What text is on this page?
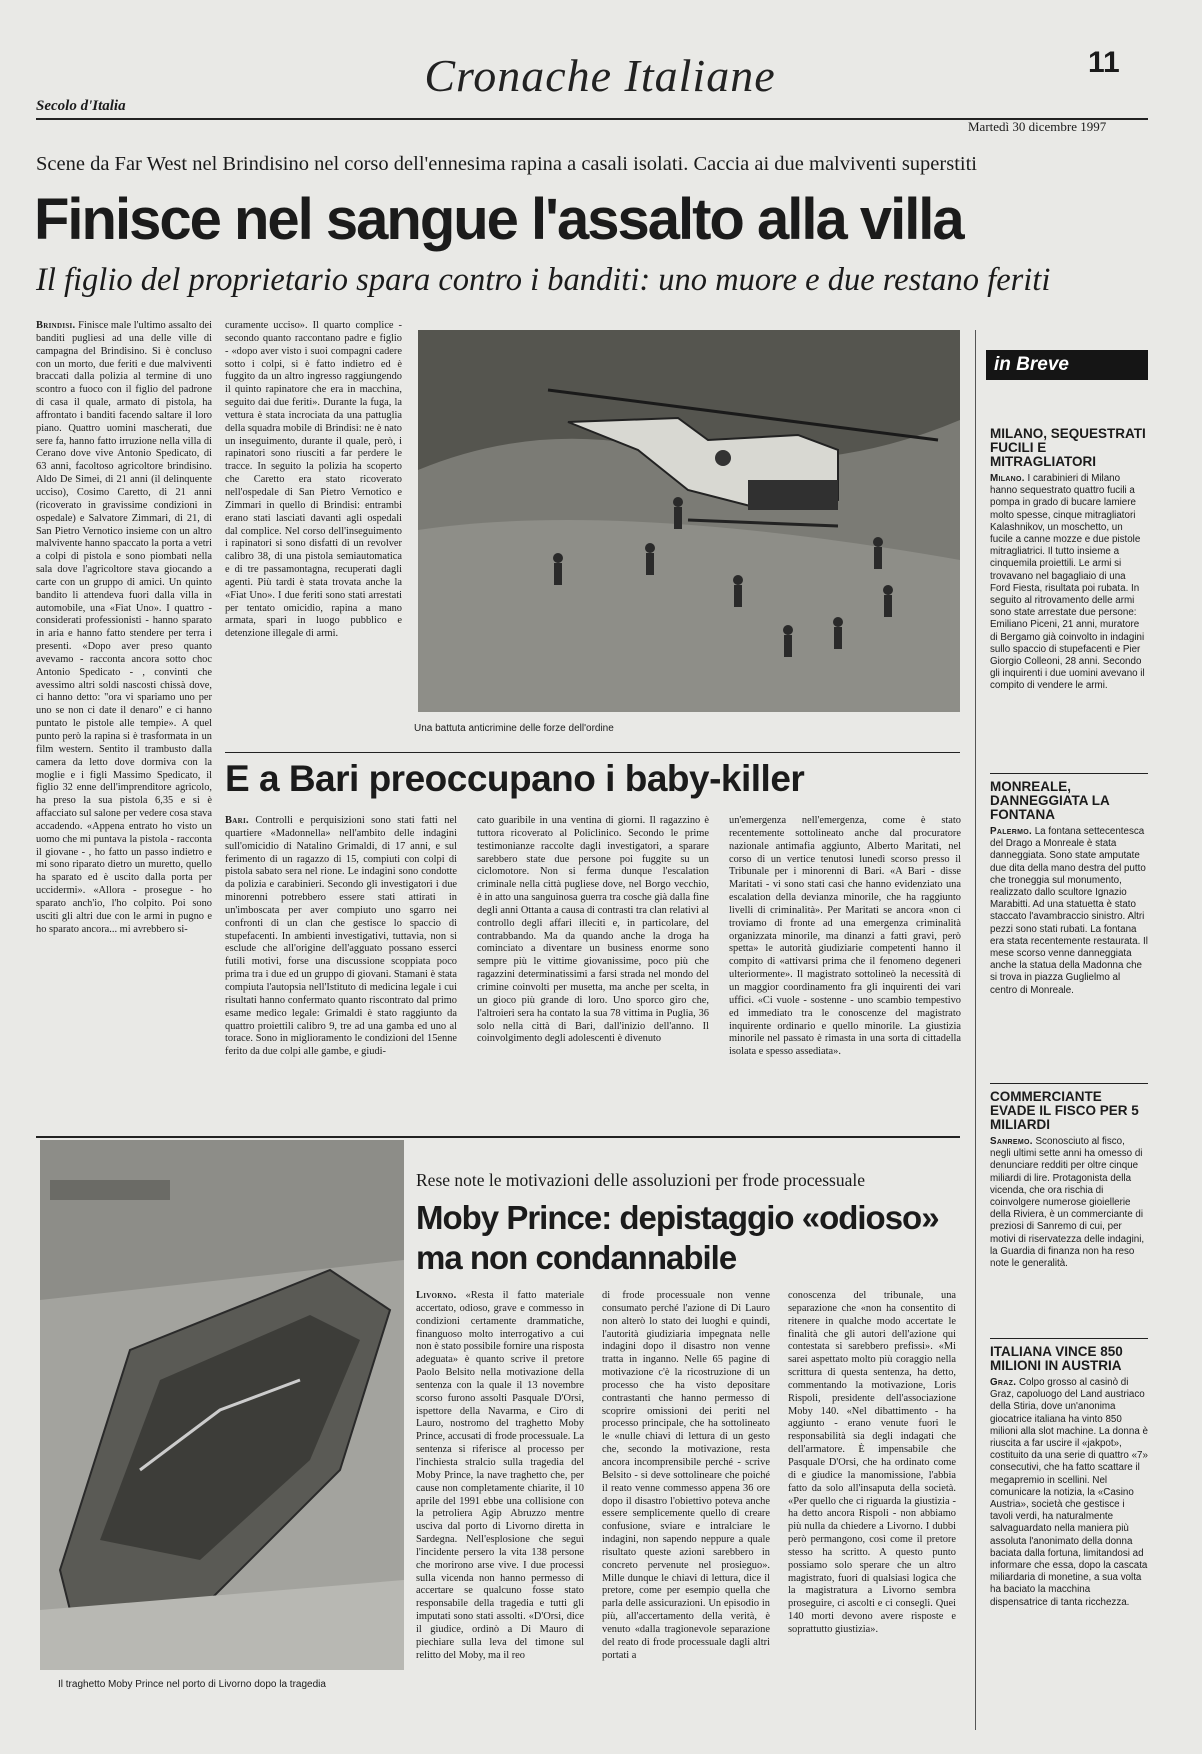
Cronache Italiane
Secolo d'Italia
11
Martedì 30 dicembre 1997
Scene da Far West nel Brindisino nel corso dell'ennesima rapina a casali isolati. Caccia ai due malviventi superstiti
Finisce nel sangue l'assalto alla villa
Il figlio del proprietario spara contro i banditi: uno muore e due restano feriti

Brindisi. Finisce male l'ultimo assalto dei banditi pugliesi ad una delle ville di campagna del Brindisino. Si è concluso con un morto, due feriti e due malviventi braccati dalla polizia al termine di uno scontro a fuoco con il figlio del padrone di casa il quale, armato di pistola, ha affrontato i banditi facendo saltare il loro piano. Quattro uomini mascherati, due sere fa, hanno fatto irruzione nella villa di Cerano dove vive Antonio Spedicato, di 63 anni, facoltoso agricoltore brindisino. Aldo De Simei, di 21 anni (il delinquente ucciso), Cosimo Caretto, di 21 anni (ricoverato in gravissime condizioni in ospedale) e Salvatore Zimmari, di 21, di San Pietro Vernotico insieme con un altro malvivente hanno spaccato la porta a vetri a colpi di pistola e sono piombati nella sala dove l'agricoltore stava giocando a carte con un gruppo di amici. Un quinto bandito li attendeva fuori dalla villa in automobile, una «Fiat Uno». I quattro - considerati professionisti - hanno sparato in aria e hanno fatto stendere per terra i presenti. «Dopo aver preso quanto avevamo - racconta ancora sotto choc Antonio Spedicato - , convinti che avessimo altri soldi nascosti chissà dove, ci hanno detto: "ora vi spariamo uno per uno se non ci date il denaro" e ci hanno puntato le pistole alle tempie». A quel punto però la rapina si è trasformata in un film western. Sentito il trambusto dalla camera da letto dove dormiva con la moglie e i figli Massimo Spedicato, il figlio 32 enne dell'imprenditore agricolo, ha preso la sua pistola 6,35 e si è affacciato sul salone per vedere cosa stava accadendo. «Appena entrato ho visto un uomo che mi puntava la pistola - racconta il giovane - , ho fatto un passo indietro e mi sono riparato dietro un muretto, quello ha sparato ed è uscito dalla porta per uccidermi». «Allora - prosegue - ho sparato anch'io, l'ho colpito. Poi sono usciti gli altri due con le armi in pugno e ho sparato ancora... mi avrebbero si-

curamente ucciso». Il quarto complice - secondo quanto raccontano padre e figlio - «dopo aver visto i suoi compagni cadere sotto i colpi, si è fatto indietro ed è fuggito da un altro ingresso raggiungendo il quinto rapinatore che era in macchina, seguito dai due feriti». Durante la fuga, la vettura è stata incrociata da una pattuglia della squadra mobile di Brindisi: ne è nato un inseguimento, durante il quale, però, i rapinatori sono riusciti a far perdere le tracce. In seguito la polizia ha scoperto che Caretto era stato ricoverato nell'ospedale di San Pietro Vernotico e Zimmari in quello di Brindisi: entrambi erano stati lasciati davanti agli ospedali dal complice. Nel corso dell'inseguimento i rapinatori si sono disfatti di un revolver calibro 38, di una pistola semiautomatica e di tre passamontagna, recuperati dagli agenti. Più tardi è stata trovata anche la «Fiat Uno». I due feriti sono stati arrestati per tentato omicidio, rapina a mano armata, spari in luogo pubblico e detenzione illegale di armi.

Una battuta anticrimine delle forze dell'ordine
E a Bari preoccupano i baby-killer

Bari. Controlli e perquisizioni sono stati fatti nel quartiere «Madonnella» nell'ambito delle indagini sull'omicidio di Natalino Grimaldi, di 17 anni, e sul ferimento di un ragazzo di 15, compiuti con colpi di pistola sabato sera nel rione. Le indagini sono condotte da polizia e carabinieri. Secondo gli investigatori i due minorenni potrebbero essere stati attirati in un'imboscata per aver compiuto uno sgarro nei confronti di un clan che gestisce lo spaccio di stupefacenti. In ambienti investigativi, tuttavia, non si esclude che all'origine dell'agguato possano esserci futili motivi, forse una discussione scoppiata poco prima tra i due ed un gruppo di giovani. Stamani è stata compiuta l'autopsia nell'Istituto di medicina legale i cui risultati hanno confermato quanto riscontrato dal primo esame medico legale: Grimaldi è stato raggiunto da quattro proiettili calibro 9, tre ad una gamba ed uno al torace. Sono in miglioramento le condizioni del 15enne ferito da due colpi alle gambe, e giudi-

cato guaribile in una ventina di giorni. Il ragazzino è tuttora ricoverato al Policlinico. Secondo le prime testimonianze raccolte dagli investigatori, a sparare sarebbero state due persone poi fuggite su un ciclomotore. Non si ferma dunque l'escalation criminale nella città pugliese dove, nel Borgo vecchio, è in atto una sanguinosa guerra tra cosche già dalla fine degli anni Ottanta a causa di contrasti tra clan relativi al controllo degli affari illeciti e, in particolare, del contrabbando. Ma da quando anche la droga ha cominciato a diventare un business enorme sono sempre più le vittime giovanissime, poco più che ragazzini determinatissimi a farsi strada nel mondo del crimine coinvolti per musetta, ma anche per scelta, in un gioco più grande di loro. Uno sporco giro che, l'altroieri sera ha contato la sua 78 vittima in Puglia, 36 solo nella città di Bari, dall'inizio dell'anno. Il coinvolgimento degli adolescenti è divenuto

un'emergenza nell'emergenza, come è stato recentemente sottolineato anche dal procuratore nazionale antimafia aggiunto, Alberto Maritati, nel corso di un vertice tenutosi lunedì scorso presso il Tribunale per i minorenni di Bari. «A Bari - disse Maritati - vi sono stati casi che hanno evidenziato una escalation della devianza minorile, che ha raggiunto livelli di criminalità». Per Maritati se ancora «non ci troviamo di fronte ad una emergenza criminalità organizzata minorile, ma dinanzi a fatti gravi, però spetta» le autorità giudiziarie competenti hanno il compito di «attivarsi prima che il fenomeno degeneri ulteriormente». Il magistrato sottolineò la necessità di un maggior coordinamento fra gli inquirenti dei vari uffici. «Ci vuole - sostenne - uno scambio tempestivo ed immediato tra le conoscenze del magistrato inquirente ordinario e quello minorile. La giustizia minorile nel passato è rimasta in una sorta di cittadella isolata e spesso assediata».

Il traghetto Moby Prince nel porto di Livorno dopo la tragedia
Rese note le motivazioni delle assoluzioni per frode processuale
Moby Prince: depistaggio «odioso» ma non condannabile

Livorno. «Resta il fatto materiale accertato, odioso, grave e commesso in condizioni certamente drammatiche, finanguoso molto interrogativo a cui non è stato possibile fornire una risposta adeguata» è quanto scrive il pretore Paolo Belsito nella motivazione della sentenza con la quale il 13 novembre scorso furono assolti Pasquale D'Orsi, ispettore della Navarma, e Ciro di Lauro, nostromo del traghetto Moby Prince, accusati di frode processuale. La sentenza si riferisce al processo per l'inchiesta stralcio sulla tragedia del Moby Prince, la nave traghetto che, per cause non completamente chiarite, il 10 aprile del 1991 ebbe una collisione con la petroliera Agip Abruzzo mentre usciva dal porto di Livorno diretta in Sardegna. Nell'esplosione che seguì l'incidente persero la vita 138 persone che morirono arse vive. I due processi sulla vicenda non hanno permesso di accertare se qualcuno fosse stato responsabile della tragedia e tutti gli imputati sono stati assolti. «D'Orsi, dice il giudice, ordinò a Di Mauro di piechiare sulla leva del timone sul relitto del Moby, ma il reo

di frode processuale non venne consumato perché l'azione di Di Lauro non alterò lo stato dei luoghi e quindi, l'autorità giudiziaria impegnata nelle indagini dopo il disastro non venne tratta in inganno. Nelle 65 pagine di motivazione c'è la ricostruzione di un processo che ha visto depositare contrastanti che hanno permesso di scoprire omissioni dei periti nel processo principale, che ha sottolineato le «nulle chiavi di lettura di un gesto che, secondo la motivazione, resta ancora incomprensibile perché - scrive Belsito - si deve sottolineare che poiché il reato venne commesso appena 36 ore dopo il disastro l'obiettivo poteva anche essere semplicemente quello di creare confusione, sviare e intralciare le indagini, non sapendo neppure a quale risultato queste azioni sarebbero in concreto pervenute nel prosieguo». Mille dunque le chiavi di lettura, dice il pretore, come per esempio quella che parla delle assicurazioni. Un episodio in più, all'accertamento della verità, è venuto «dalla tragionevole separazione del reato di frode processuale dagli altri portati a

conoscenza del tribunale, una separazione che «non ha consentito di ritenere in qualche modo accertate le finalità che gli autori dell'azione qui contestata si sarebbero prefissi». «Mi sarei aspettato molto più coraggio nella scrittura di questa sentenza, ha detto, commentando la motivazione, Loris Rispoli, presidente dell'associazione Moby 140. «Nel dibattimento - ha aggiunto - erano venute fuori le responsabilità sia degli indagati che dell'armatore. È impensabile che Pasquale D'Orsi, che ha ordinato come di e giudice la manomissione, l'abbia fatto da solo all'insaputa della società. «Per quello che ci riguarda la giustizia - ha detto ancora Rispoli - non abbiamo più nulla da chiedere a Livorno. I dubbi però permangono, così come il pretore stesso ha scritto. A questo punto possiamo solo sperare che un altro magistrato, fuori di qualsiasi logica che la magistratura a Livorno sembra proseguire, ci ascolti e ci consegli. Quei 140 morti devono avere risposte e soprattutto giustizia».

in Breve

MILANO, SEQUESTRATI FUCILI E MITRAGLIATORI

Milano. I carabinieri di Milano hanno sequestrato quattro fucili a pompa in grado di bucare lamiere molto spesse, cinque mitragliatori Kalashnikov, un moschetto, un fucile a canne mozze e due pistole mitragliatrici. Il tutto insieme a cinquemila proiettili. Le armi si trovavano nel bagagliaio di una Ford Fiesta, risultata poi rubata. In seguito al ritrovamento delle armi sono state arrestate due persone: Emiliano Piceni, 21 anni, muratore di Bergamo già coinvolto in indagini sullo spaccio di stupefacenti e Pier Giorgio Colleoni, 28 anni. Secondo gli inquirenti i due uomini avevano il compito di vendere le armi.

MONREALE, DANNEGGIATA LA FONTANA

Palermo. La fontana settecentesca del Drago a Monreale è stata danneggiata. Sono state amputate due dita della mano destra del putto che troneggia sul monumento, realizzato dallo scultore Ignazio Marabitti. Ad una statuetta è stato staccato l'avambraccio sinistro. Altri pezzi sono stati rubati. La fontana era stata recentemente restaurata. Il mese scorso venne danneggiata anche la statua della Madonna che si trova in piazza Guglielmo al centro di Monreale.

COMMERCIANTE EVADE IL FISCO PER 5 MILIARDI

Sanremo. Sconosciuto al fisco, negli ultimi sette anni ha omesso di denunciare redditi per oltre cinque miliardi di lire. Protagonista della vicenda, che ora rischia di coinvolgere numerose gioiellerie della Riviera, è un commerciante di preziosi di Sanremo di cui, per motivi di riservatezza delle indagini, la Guardia di finanza non ha reso note le generalità.

ITALIANA VINCE 850 MILIONI IN AUSTRIA

Graz. Colpo grosso al casinò di Graz, capoluogo del Land austriaco della Stiria, dove un'anonima giocatrice italiana ha vinto 850 milioni alla slot machine. La donna è riuscita a far uscire il «jakpot», costituito da una serie di quattro «7» consecutivi, che ha fatto scattare il megapremio in scellini. Nel comunicare la notizia, la «Casino Austria», società che gestisce i tavoli verdi, ha naturalmente salvaguardato nella maniera più assoluta l'anonimato della donna baciata dalla fortuna, limitandosi ad informare che essa, dopo la cascata miliardaria di monetine, a sua volta ha baciato la macchina dispensatrice di tanta ricchezza.
